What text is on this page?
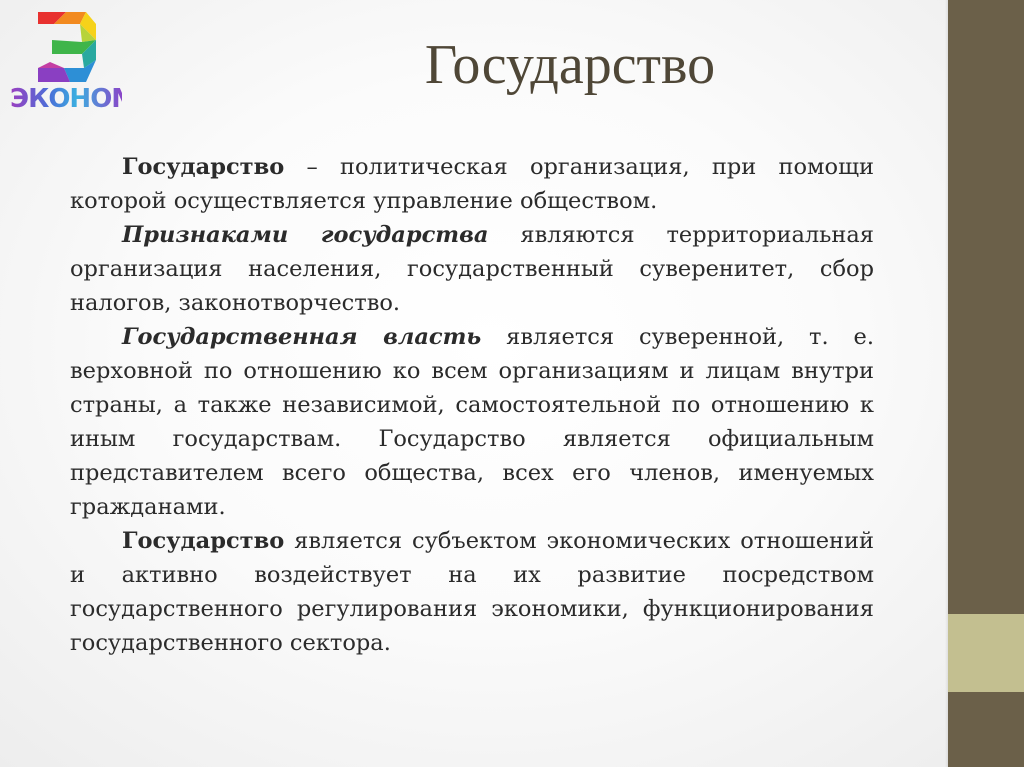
ЭКОНОМ
Государство

Государство – политическая организация, при помощи которой осуществляется управление обществом.

Признаками государства являются территориальная организация населения, государственный суверенитет, сбор налогов, законотворчество.

Государственная власть является суверенной, т. е. верховной по отношению ко всем организациям и лицам внутри страны, а также независимой, самостоятельной по отношению к иным государствам. Государство является официальным представителем всего общества, всех его членов, именуемых гражданами.

Государство является субъектом экономических отношений и активно воздействует на их развитие посредством государственного регулирования экономики, функционирования государственного сектора.
